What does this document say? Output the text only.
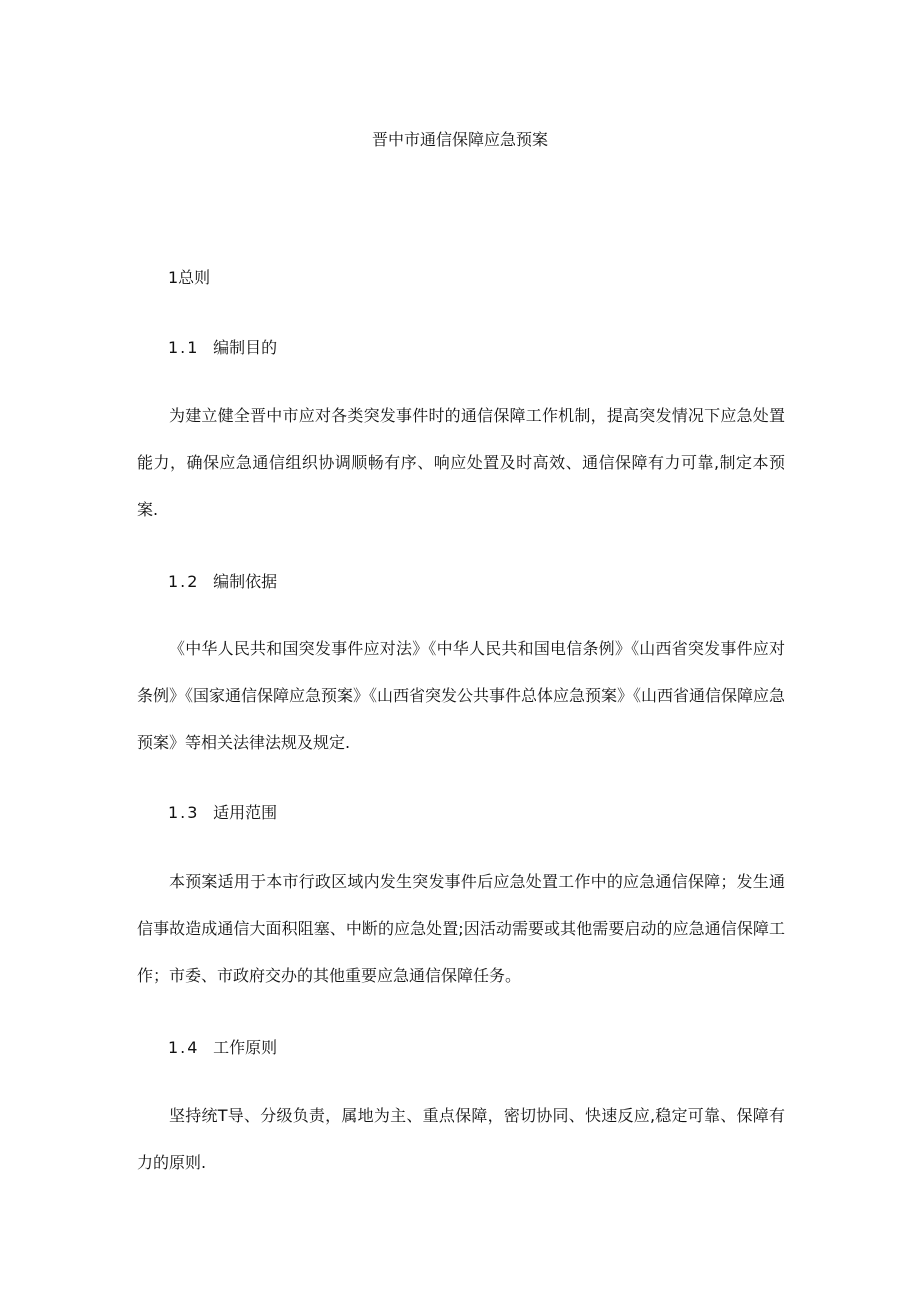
晋中市通信保障应急预案
1总则
1.1 编制目的

为建立健全晋中市应对各类突发事件时的通信保障工作机制，提高突发情况下应急处置能力，确保应急通信组织协调顺畅有序、响应处置及时高效、通信保障有力可靠,制定本预案.

1.2 编制依据

《中华人民共和国突发事件应对法》《中华人民共和国电信条例》《山西省突发事件应对条例》《国家通信保障应急预案》《山西省突发公共事件总体应急预案》《山西省通信保障应急预案》等相关法律法规及规定.

1.3 适用范围

本预案适用于本市行政区域内发生突发事件后应急处置工作中的应急通信保障；发生通信事故造成通信大面积阻塞、中断的应急处置;因活动需要或其他需要启动的应急通信保障工作；市委、市政府交办的其他重要应急通信保障任务。

1.4 工作原则

坚持统T导、分级负责，属地为主、重点保障，密切协同、快速反应,稳定可靠、保障有力的原则.
